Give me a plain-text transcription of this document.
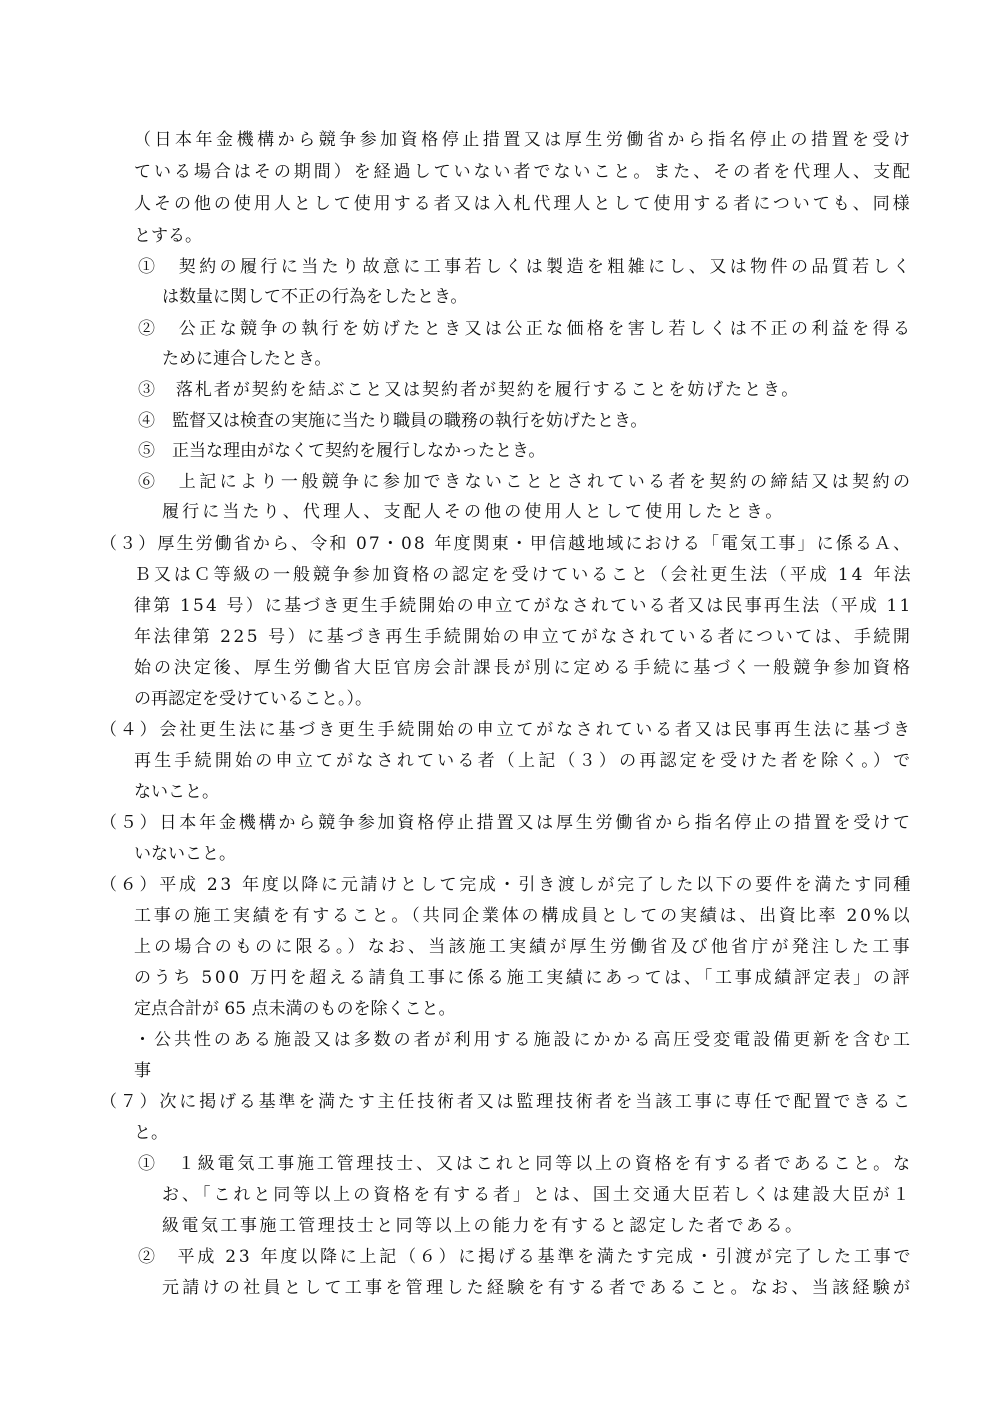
（日本年金機構から競争参加資格停止措置又は厚生労働省から指名停止の措置を受け
ている場合はその期間）を経過していない者でないこと。また、その者を代理人、支配
人その他の使用人として使用する者又は入札代理人として使用する者についても、同様
とする。
①　契約の履行に当たり故意に工事若しくは製造を粗雑にし、又は物件の品質若しく
は数量に関して不正の行為をしたとき。
②　公正な競争の執行を妨げたとき又は公正な価格を害し若しくは不正の利益を得る
ために連合したとき。
③　落札者が契約を結ぶこと又は契約者が契約を履行することを妨げたとき。
④　監督又は検査の実施に当たり職員の職務の執行を妨げたとき。
⑤　正当な理由がなくて契約を履行しなかったとき。
⑥　上記により一般競争に参加できないこととされている者を契約の締結又は契約の
履行に当たり、代理人、支配人その他の使用人として使用したとき。
（３）厚生労働省から、令和 07・08 年度関東・甲信越地域における「電気工事」に係るＡ、
Ｂ又はＣ等級の一般競争参加資格の認定を受けていること（会社更生法（平成 14 年法
律第 154 号）に基づき更生手続開始の申立てがなされている者又は民事再生法（平成 11
年法律第 225 号）に基づき再生手続開始の申立てがなされている者については、手続開
始の決定後、厚生労働省大臣官房会計課長が別に定める手続に基づく一般競争参加資格
の再認定を受けていること。）。
（４）会社更生法に基づき更生手続開始の申立てがなされている者又は民事再生法に基づき
再生手続開始の申立てがなされている者（上記（３）の再認定を受けた者を除く。）で
ないこと。
（５）日本年金機構から競争参加資格停止措置又は厚生労働省から指名停止の措置を受けて
いないこと。
（６）平成 23 年度以降に元請けとして完成・引き渡しが完了した以下の要件を満たす同種
工事の施工実績を有すること。（共同企業体の構成員としての実績は、出資比率 20%以
上の場合のものに限る。）なお、当該施工実績が厚生労働省及び他省庁が発注した工事
のうち 500 万円を超える請負工事に係る施工実績にあっては、「工事成績評定表」の評
定点合計が 65 点未満のものを除くこと。
・公共性のある施設又は多数の者が利用する施設にかかる高圧受変電設備更新を含む工
事
（７）次に掲げる基準を満たす主任技術者又は監理技術者を当該工事に専任で配置できるこ
と。
①　１級電気工事施工管理技士、又はこれと同等以上の資格を有する者であること。な
お、「これと同等以上の資格を有する者」とは、国土交通大臣若しくは建設大臣が１
級電気工事施工管理技士と同等以上の能力を有すると認定した者である。
②　平成 23 年度以降に上記（６）に掲げる基準を満たす完成・引渡が完了した工事で
元請けの社員として工事を管理した経験を有する者であること。なお、当該経験が
